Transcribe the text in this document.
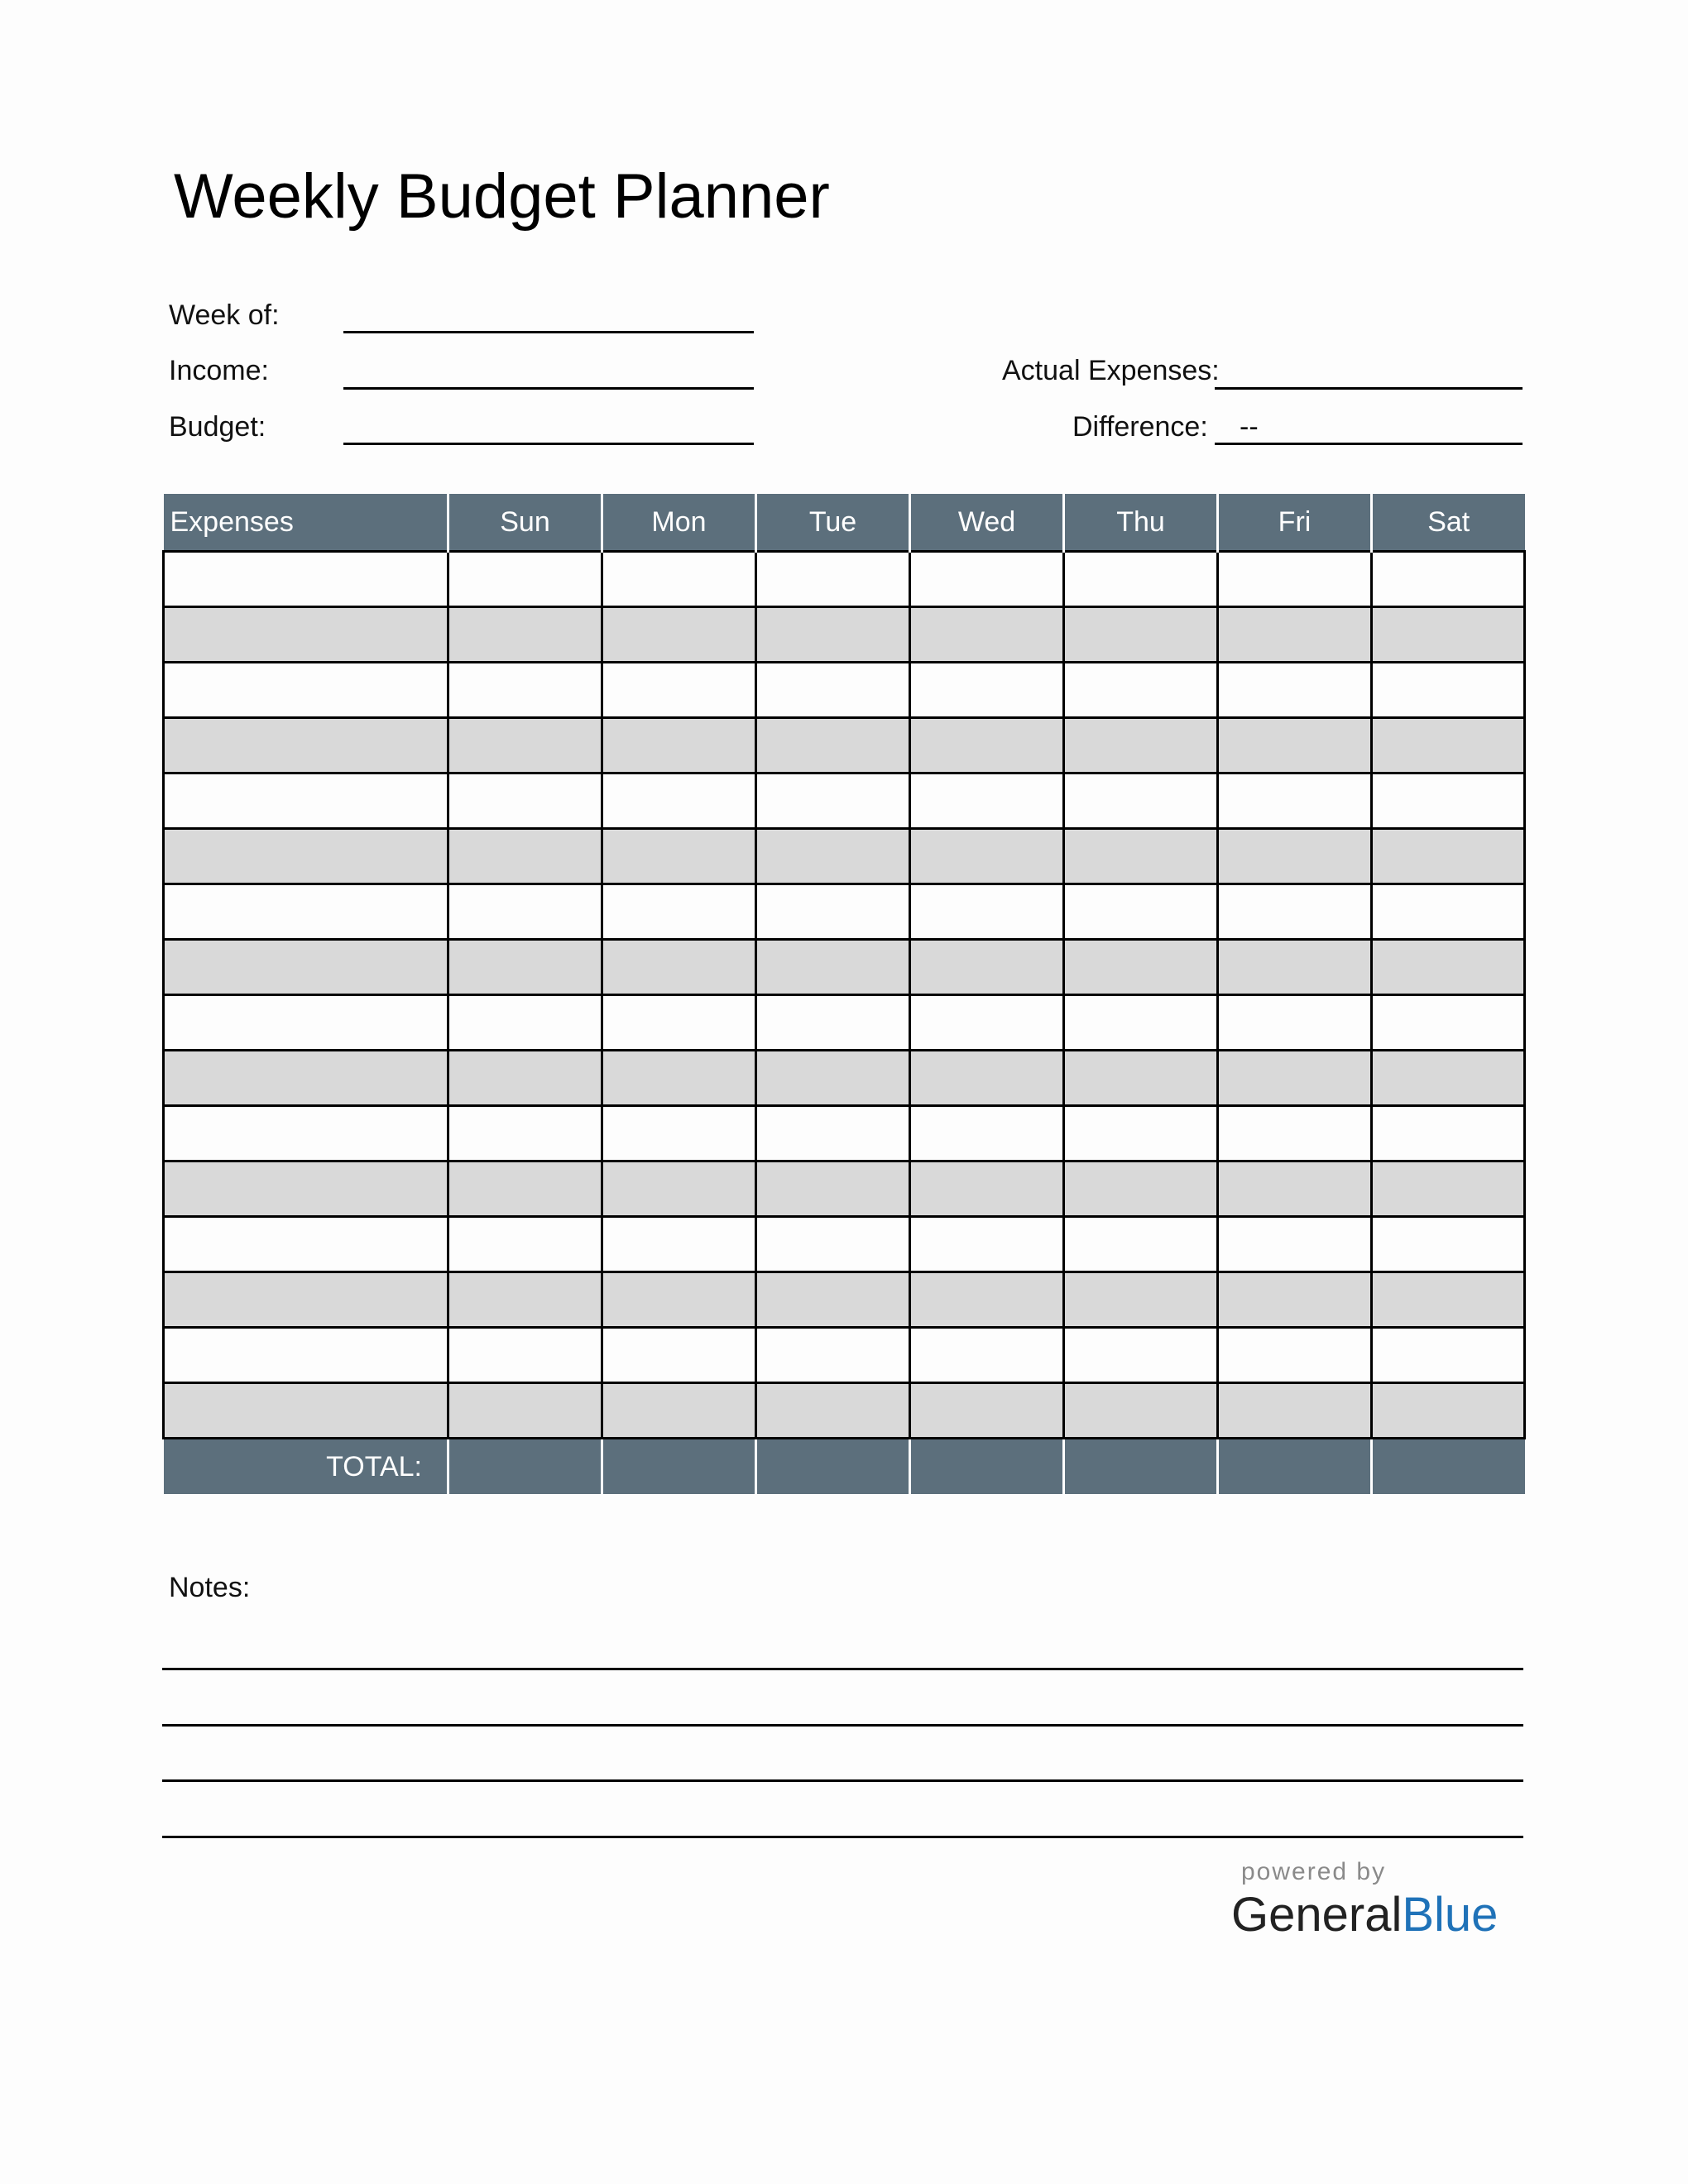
Weekly Budget Planner
Week of:
Income:
Budget:
Actual Expenses:
Difference: --
Expenses	Sun	Mon	Tue	Wed	Thu	Fri	Sat

TOTAL:							
Notes:
powered by
GeneralBlue
